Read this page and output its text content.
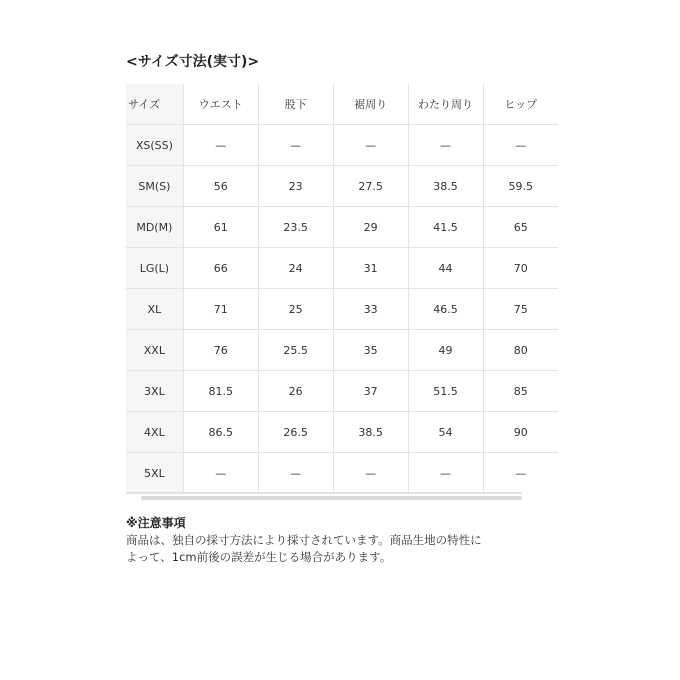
<サイズ寸法(実寸)>
サイズ	ウエスト	股下	裾周り	わたり周り	ヒップ
XS(SS)	—	—	—	—	—
SM(S)	56	23	27.5	38.5	59.5
MD(M)	61	23.5	29	41.5	65
LG(L)	66	24	31	44	70
XL	71	25	33	46.5	75
XXL	76	25.5	35	49	80
3XL	81.5	26	37	51.5	85
4XL	86.5	26.5	38.5	54	90
5XL	—	—	—	—	—
※注意事項

商品は、独自の採寸方法により採寸されています。商品生地の特性に

よって、1cm前後の誤差が生じる場合があります。
